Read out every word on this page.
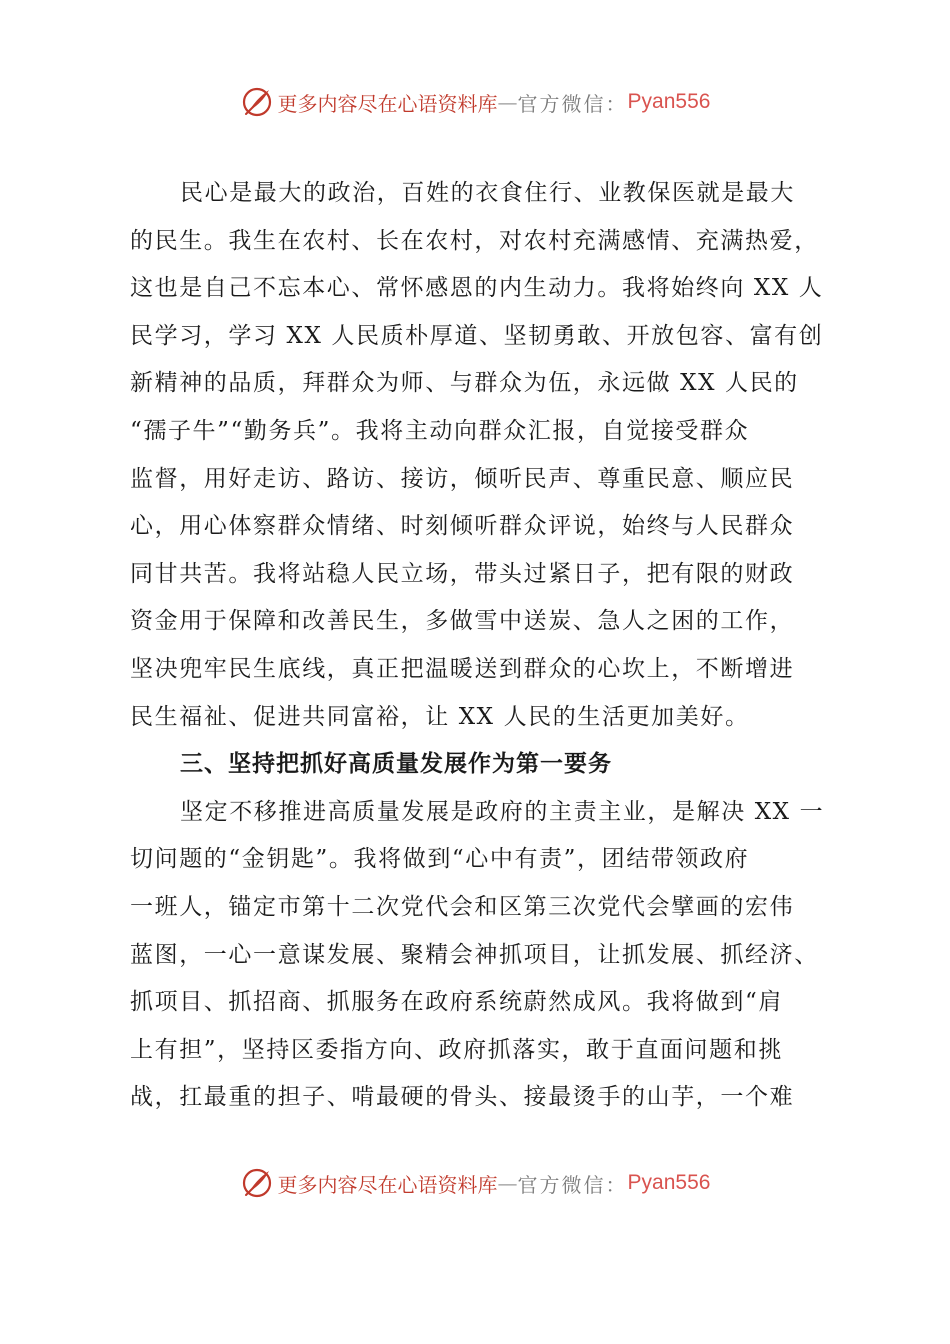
更多内容尽在心语资料库 — 官方微信： Pyan556
民心是最大的政治，百姓的衣食住行、业教保医就是最大
的民生。我生在农村、长在农村，对农村充满感情、充满热爱，
这也是自己不忘本心、常怀感恩的内生动力。我将始终向 XX 人
民学习，学习 XX 人民质朴厚道、坚韧勇敢、开放包容、富有创
新精神的品质，拜群众为师、与群众为伍，永远做 XX 人民的
“孺子牛”“勤务兵”。我将主动向群众汇报，自觉接受群众
监督，用好走访、路访、接访，倾听民声、尊重民意、顺应民
心，用心体察群众情绪、时刻倾听群众评说，始终与人民群众
同甘共苦。我将站稳人民立场，带头过紧日子，把有限的财政
资金用于保障和改善民生，多做雪中送炭、急人之困的工作，
坚决兜牢民生底线，真正把温暖送到群众的心坎上，不断增进
民生福祉、促进共同富裕，让 XX 人民的生活更加美好。
三、坚持把抓好高质量发展作为第一要务
坚定不移推进高质量发展是政府的主责主业，是解决 XX 一
切问题的“金钥匙”。我将做到“心中有责”，团结带领政府
一班人，锚定市第十二次党代会和区第三次党代会擘画的宏伟
蓝图，一心一意谋发展、聚精会神抓项目，让抓发展、抓经济、
抓项目、抓招商、抓服务在政府系统蔚然成风。我将做到“肩
上有担”，坚持区委指方向、政府抓落实，敢于直面问题和挑
战，扛最重的担子、啃最硬的骨头、接最烫手的山芋，一个难
更多内容尽在心语资料库 — 官方微信： Pyan556
